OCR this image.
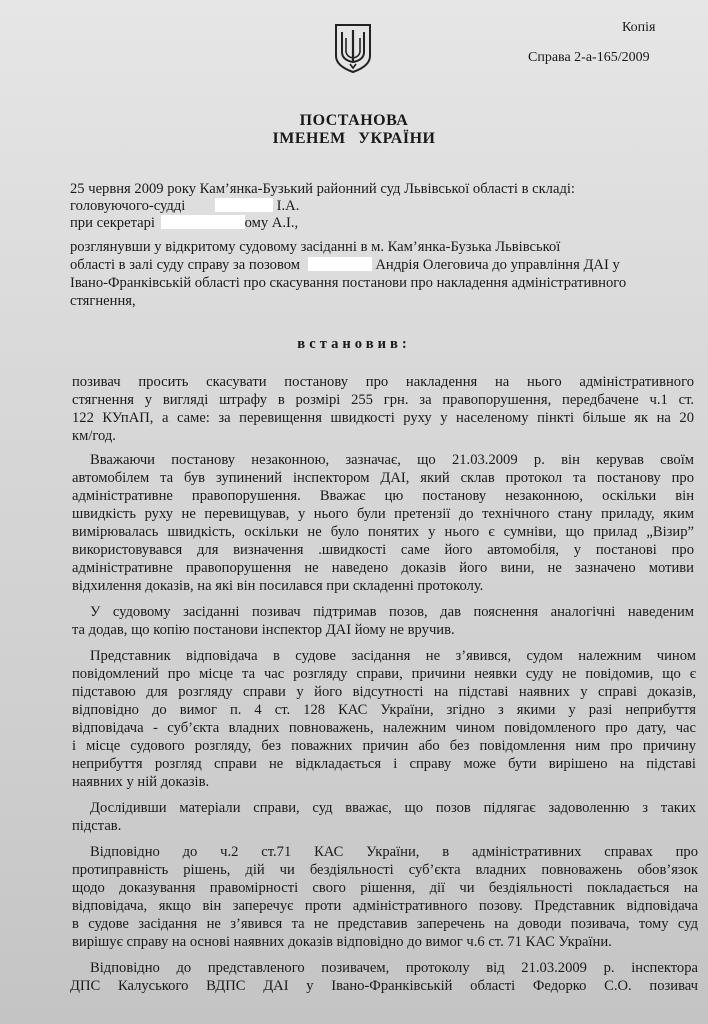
Копія
Справа 2-а-165/2009
ПОСТАНОВА
ІМЕНЕМ УКРАЇНИ
25 червня 2009 року Кам’янка-Бузький районний суд Львівської області в складі:
головуючого-судді	І.А.
при секретарі	ому А.І.,
розглянувши у відкритому судовому засіданні в м. Кам’янка-Бузька Львівської
області в залі суду справу за позовом	Андрія Олеговича до управління ДАІ у
Івано-Франківській області про скасування постанови про накладення адміністративного
стягнення,
встановив:
позивач просить скасувати постанову про накладення на нього адміністративного
стягнення у вигляді штрафу в розмірі 255 грн. за правопорушення, передбачене ч.1 ст.
122 КУпАП, а саме: за перевищення швидкості руху у населеному пінкті більше як на 20
км/год.
Вважаючи постанову незаконною, зазначає, що 21.03.2009 р. він керував своїм
автомобілем та був зупинений інспектором ДАІ, який склав протокол та постанову про
адміністративне правопорушення. Вважає цю постанову незаконною, оскільки він
швидкість руху не перевищував, у нього були претензії до технічного стану приладу, яким
вимірювалась швидкість, оскільки не було понятих у нього є сумніви, що прилад „Візир”
використовувався для визначення .швидкості саме його автомобіля, у постанові про
адміністративне правопорушення не наведено доказів його вини, не зазначено мотиви
відхилення доказів, на які він посилався при складенні протоколу.
У судовому засіданні позивач підтримав позов, дав пояснення аналогічні наведеним
та додав, що копію постанови інспектор ДАІ йому не вручив.
Представник відповідача в судове засідання не з’явився, судом належним чином
повідомлений про місце та час розгляду справи, причини неявки суду не повідомив, що є
підставою для розгляду справи у його відсутності на підставі наявних у справі доказів,
відповідно до вимог п. 4 ст. 128 КАС України, згідно з якими у разі неприбуття
відповідача - суб’єкта владних повноважень, належним чином повідомленого про дату, час
і місце судового розгляду, без поважних причин або без повідомлення ним про причину
неприбуття розгляд справи не відкладається і справу може бути вирішено на підставі
наявних у ній доказів.
Дослідивши матеріали справи, суд вважає, що позов підлягає задоволенню з таких
підстав.
Відповідно до ч.2 ст.71 КАС України, в адміністративних справах про
протиправність рішень, дій чи бездіяльності суб’єкта владних повноважень обов’язок
щодо доказування правомірності свого рішення, дії чи бездіяльності покладається на
відповідача, якщо він заперечує проти адміністративного позову. Представник відповідача
в судове засідання не з’явився та не представив заперечень на доводи позивача, тому суд
вирішує справу на основі наявних доказів відповідно до вимог ч.6 ст. 71 КАС України.
Відповідно до представленого позивачем, протоколу від 21.03.2009 р. інспектора
ДПС Калуського ВДПС ДАІ у Івано-Франківській області Федорко С.О. позивач
